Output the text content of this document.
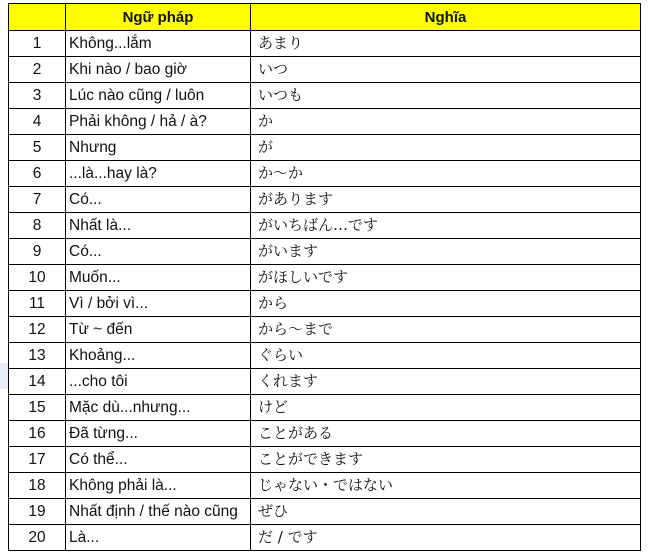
	Ngữ pháp	Nghĩa
1	Không...lắm	あまり
2	Khi nào / bao giờ	いつ
3	Lúc nào cũng / luôn	いつも
4	Phải không / hả / à?	か
5	Nhưng	が
6	...là...hay là?	か〜か
7	Có...	があります
8	Nhất là...	がいちばん…です
9	Có...	がいます
10	Muốn...	がほしいです
11	Vì / bởi vì...	から
12	Từ ~ đến	から〜まで
13	Khoảng...	ぐらい
14	...cho tôi	くれます
15	Mặc dù...nhưng...	けど
16	Đã từng...	ことがある
17	Có thể...	ことができます
18	Không phải là...	じゃない・ではない
19	Nhất định / thế nào cũng	ぜひ
20	Là...	だ / です
